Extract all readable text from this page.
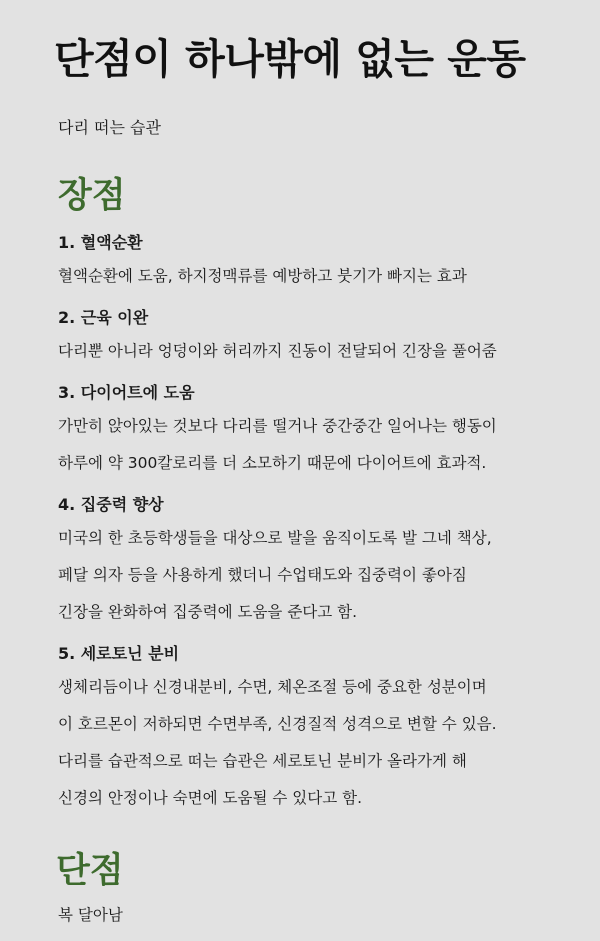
단점이 하나밖에 없는 운동
다리 떠는 습관
장점
1. 혈액순환
혈액순환에 도움, 하지정맥류를 예방하고 붓기가 빠지는 효과
2. 근육 이완
다리뿐 아니라 엉덩이와 허리까지 진동이 전달되어 긴장을 풀어줌
3. 다이어트에 도움
가만히 앉아있는 것보다 다리를 떨거나 중간중간 일어나는 행동이
하루에 약 300칼로리를 더 소모하기 때문에 다이어트에 효과적.
4. 집중력 향상
미국의 한 초등학생들을 대상으로 발을 움직이도록 발 그네 책상,
페달 의자 등을 사용하게 했더니 수업태도와 집중력이 좋아짐
긴장을 완화하여 집중력에 도움을 준다고 함.
5. 세로토닌 분비
생체리듬이나 신경내분비, 수면, 체온조절 등에 중요한 성분이며
이 호르몬이 저하되면 수면부족, 신경질적 성격으로 변할 수 있음.
다리를 습관적으로 떠는 습관은 세로토닌 분비가 올라가게 해
신경의 안정이나 숙면에 도움될 수 있다고 함.
단점
복 달아남
